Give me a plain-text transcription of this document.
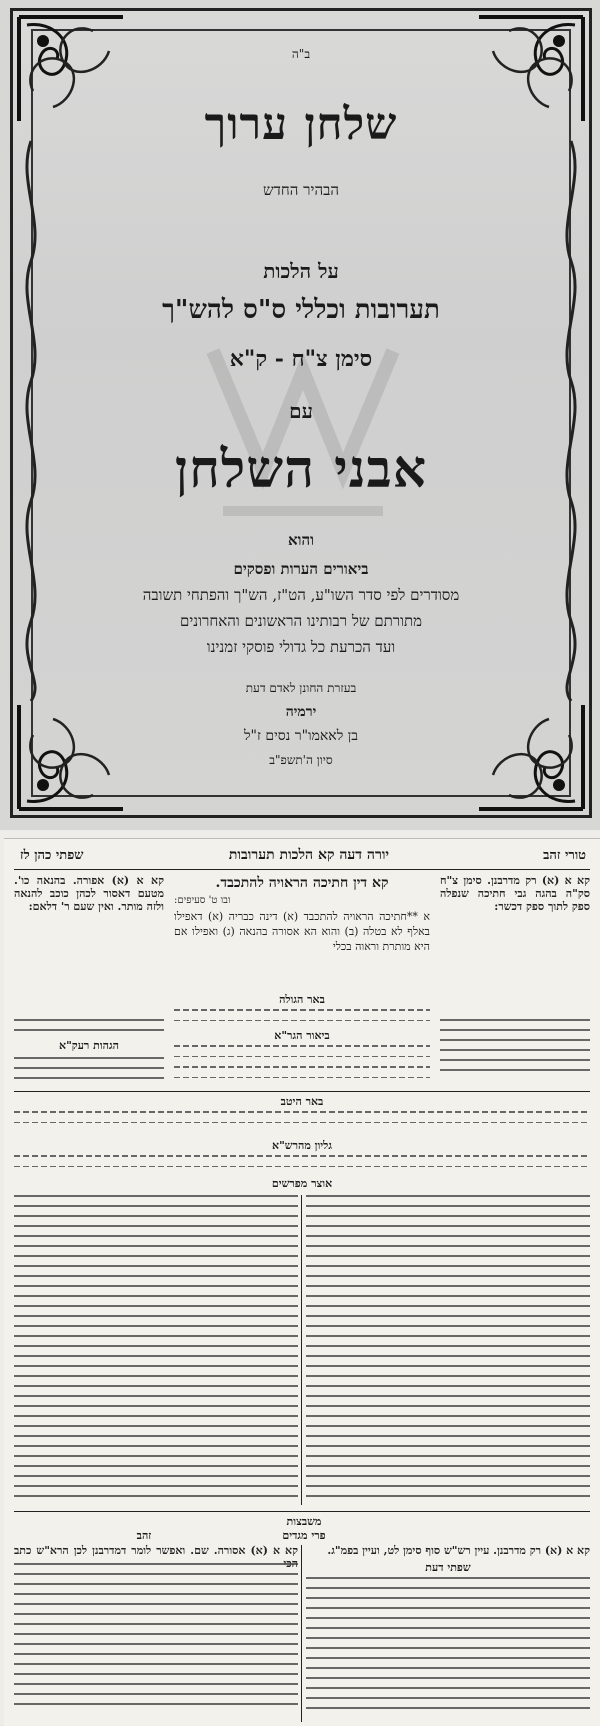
ב"ה
שלחן ערוך
הבהיר החדש
על הלכות
תערובות וכללי ס"ס להש"ך
סימן צ"ח - ק"א
עם
אבני השלחן
והוא
ביאורים הערות ופסקים
מסודרים לפי סדר השו"ע, הט"ז, הש"ך והפתחי תשובה
מתורתם של רבותינו הראשונים והאחרונים
ועד הכרעת כל גדולי פוסקי זמנינו
בעזרת החונן לאדם דעת
ירמיה
בן לאאמו"ר נסים ז"ל
סיון ה'תשפ"ב
טורי זהב
יורה דעה קא הלכות תערובות
שפתי כהן לז
קא א (א) רק מדרבנן. סימן צ"ח סק"ה בהגה גבי חתיכה שנפלה ספק לתוך ספק דכשר:
קא א (א) אפורה. בהנאה כו'. מטעם דאסור לכהן כוכב להנאה ולזה מותר. ואין שעם ר' דלאם:
קא דין חתיכה הראויה להתכבד.
ובו ט' סעיפים:
א **חתיכה הראויה להתכבד (א) דינה כבריה (א) דאפילו באלף לא בטלה (ב) והוא הא אסורה בהנאה (ג) ואפילו אם היא מותרת וראוה בכלי
באר הגולה
ביאור הגר"א
הגהות רעק"א
באר היטב
גליון מהרש"א
אוצר מפרשים
משבצות
פרי מגדים
זהב
קא א (א) רק מדרבנן. עיין רש"ש סוף סימן לט, ועיין בפמ"ג.
שפתי דעת
קא א (א) אסורה. שם. ואפשר לומר דמדרבנן לכן הרא"ש כתב
